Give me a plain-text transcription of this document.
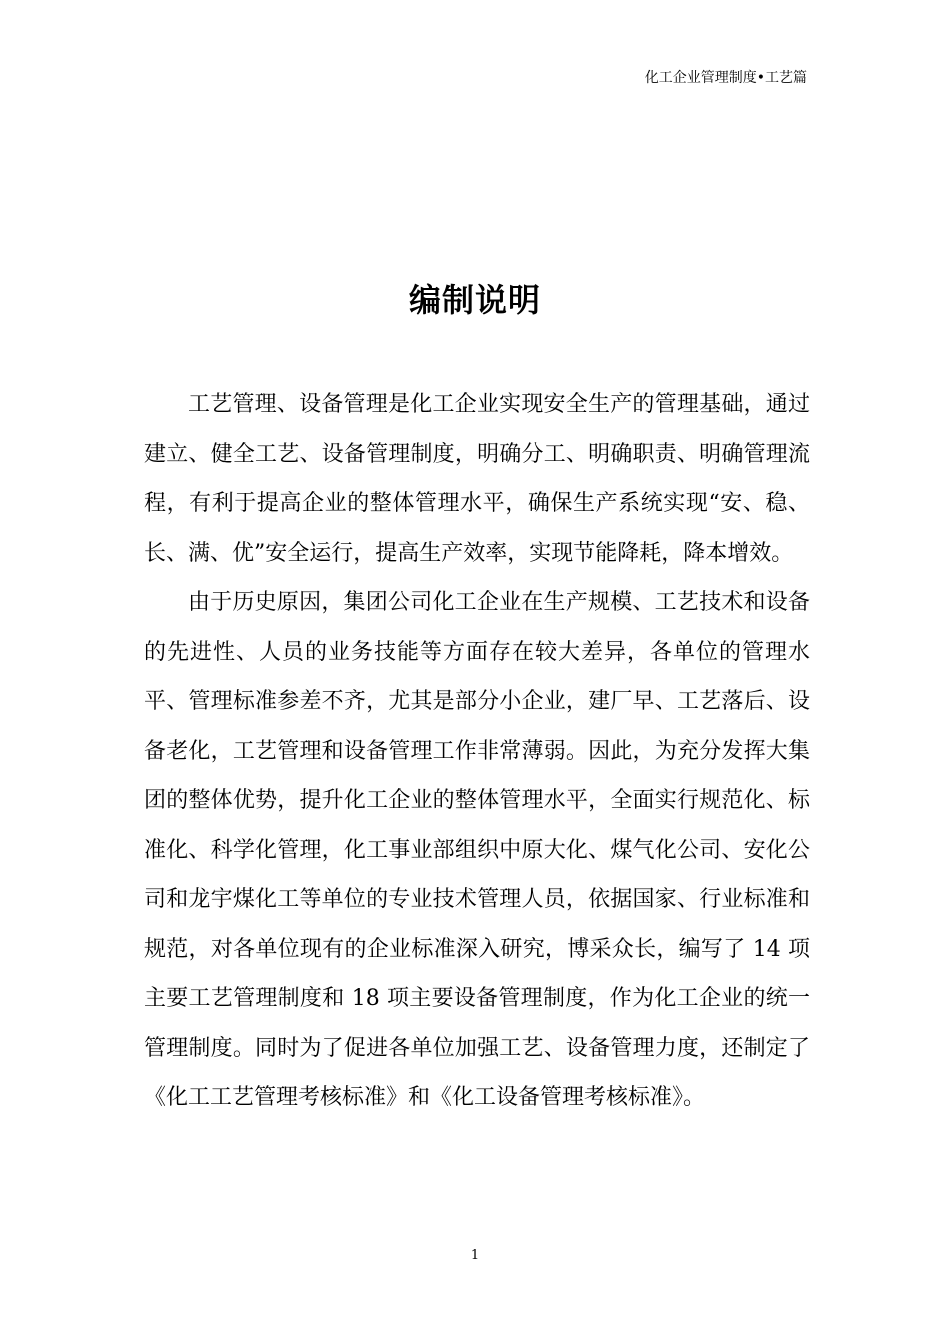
化工企业管理制度•工艺篇
编制说明

工艺管理、设备管理是化工企业实现安全生产的管理基础，通过建立、健全工艺、设备管理制度，明确分工、明确职责、明确管理流程，有利于提高企业的整体管理水平，确保生产系统实现“安、稳、长、满、优”安全运行，提高生产效率，实现节能降耗，降本增效。

由于历史原因，集团公司化工企业在生产规模、工艺技术和设备的先进性、人员的业务技能等方面存在较大差异，各单位的管理水平、管理标准参差不齐，尤其是部分小企业，建厂早、工艺落后、设备老化，工艺管理和设备管理工作非常薄弱。因此，为充分发挥大集团的整体优势，提升化工企业的整体管理水平，全面实行规范化、标准化、科学化管理，化工事业部组织中原大化、煤气化公司、安化公司和龙宇煤化工等单位的专业技术管理人员，依据国家、行业标准和规范，对各单位现有的企业标准深入研究，博采众长，编写了 14 项主要工艺管理制度和 18 项主要设备管理制度，作为化工企业的统一管理制度。同时为了促进各单位加强工艺、设备管理力度，还制定了《化工工艺管理考核标准》和《化工设备管理考核标准》。

1
